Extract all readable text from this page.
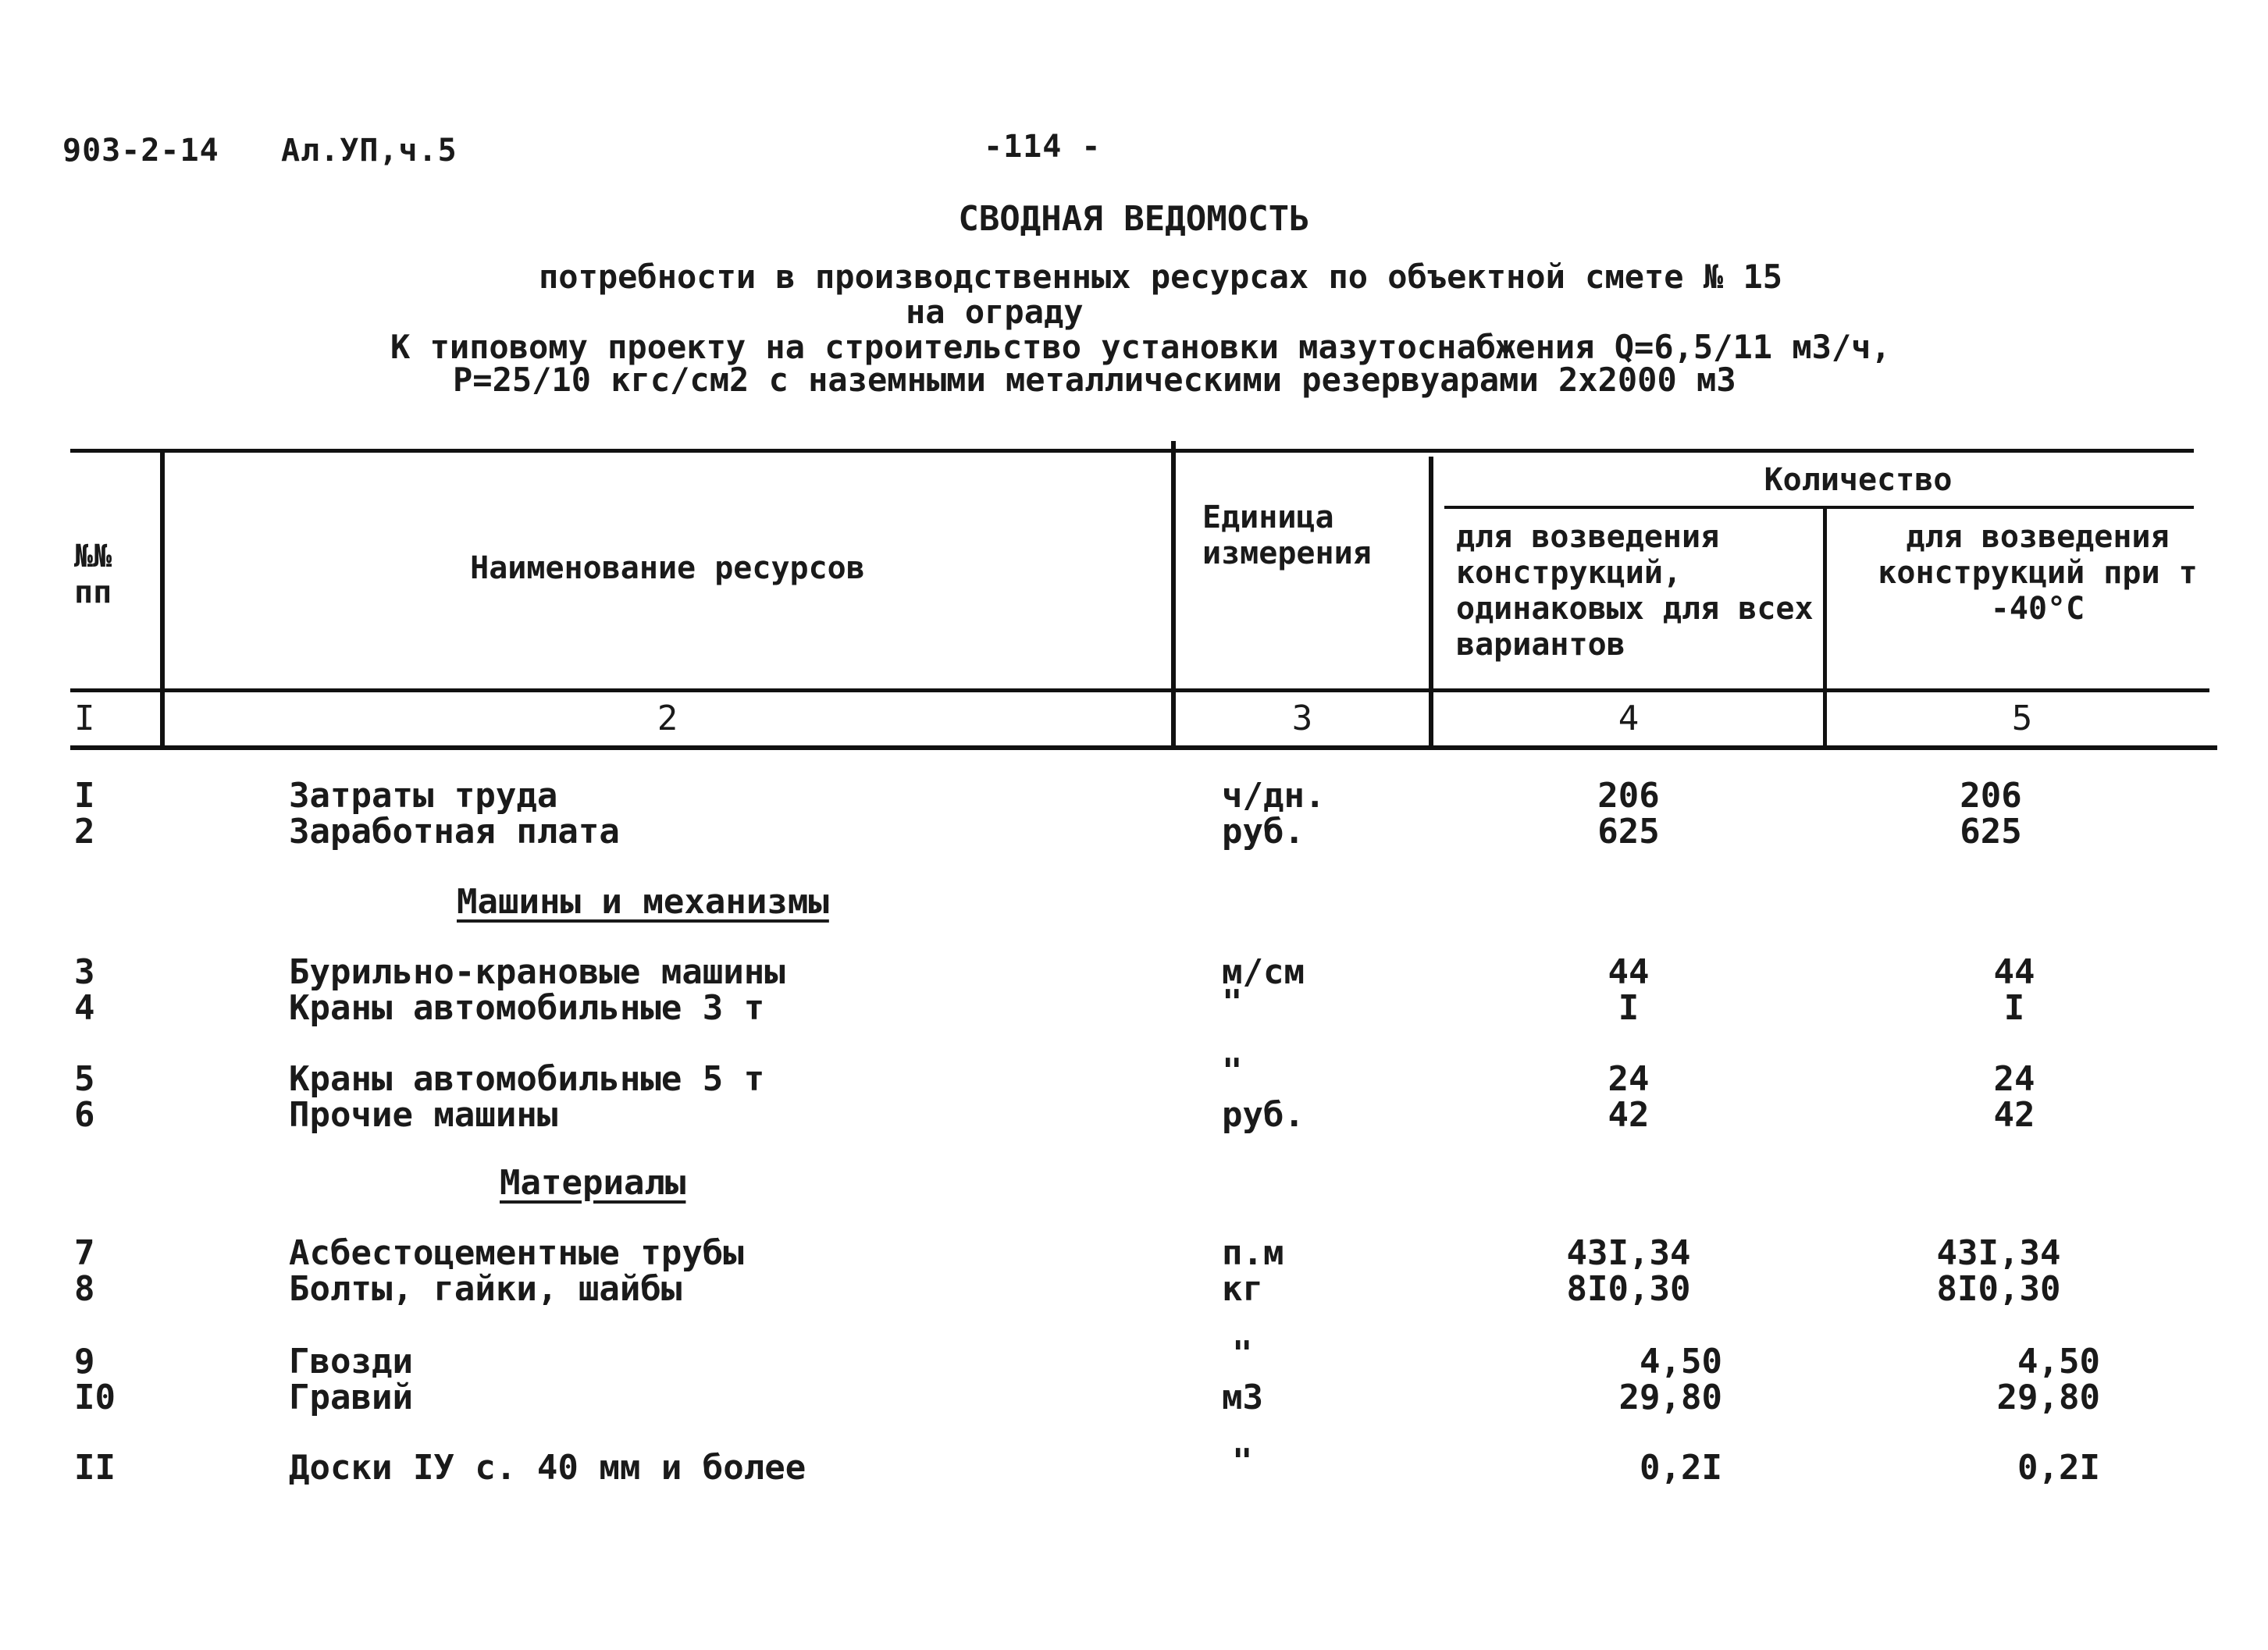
903-2-14 Ал.УП,ч.5	-114 -
СВОДНАЯ ВЕДОМОСТЬ
потребности в производственных ресурсах по объектной смете № 15
на ограду
К типовому проекту на строительство установки мазутоснабжения Q=6,5/11 м3/ч,
P=25/10 кгс/см2 с наземными металлическими резервуарами 2х2000 м3
№№ пп
Наименование ресурсов
Единица измерения
Количество
для возведения конструкций, одинаковых для всех вариантов
для возведения конструкций при т -40°С
I	2	3	4	5
I	Затраты труда	ч/дн.	206	206
2	Заработная плата	руб.	625	625
Машины и механизмы
3	Бурильно-крановые машины	м/см	44	44
4	Краны автомобильные 3 т	"	I	I
5	Краны автомобильные 5 т	"	24	24
6	Прочие машины	руб.	42	42
Материалы
7	Асбестоцементные трубы	п.м	43I,34	43I,34
8	Болты, гайки, шайбы	кг	8I0,30	8I0,30
9	Гвозди	"	4,50	4,50
I0	Гравий	м3	29,80	29,80
II	Доски IУ с. 40 мм и более	"	0,2I	0,2I
